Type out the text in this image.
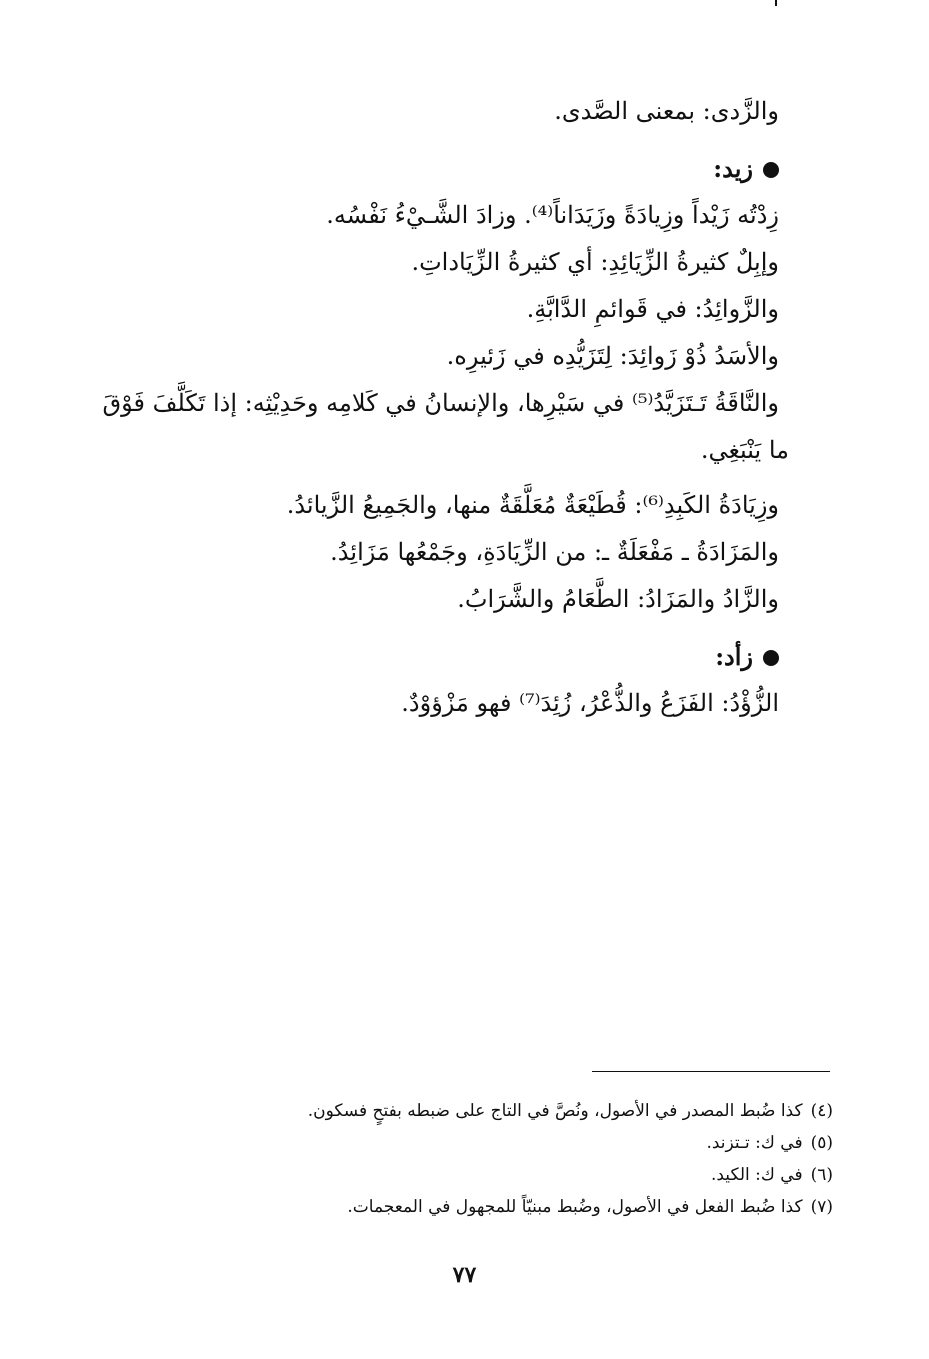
والزَّدى: بمعنى الصَّدى.
زيد:
زِدْتُه زَيْداً وزِيادَةً وزَيَدَاناً⁽⁴⁾. وزادَ الشَّـيْءُ نَفْسُه.
وإبِلٌ كثيرةُ الزِّيَائِدِ: أي كثيرةُ الزِّيَاداتِ.
والزَّوائِدُ: في قَوائمِ الدَّابَّةِ.
والأسَدُ ذُوْ زَوائِدَ: لِتَزَيُّدِه في زَئيرِه.
والنَّاقَةُ تَـتَزَيَّدُ⁽⁵⁾ في سَيْرِها، والإنسانُ في كَلامِه وحَدِيْثِه: إذا تَكَلَّفَ فَوْقَ
ما يَنْبَغِي.
وزِيَادَةُ الكَبِدِ⁽⁶⁾: قُطَيْعَةٌ مُعَلَّقَةٌ منها، والجَمِيعُ الزَّيائدُ.
والمَزَادَةُ ـ مَفْعَلَةٌ ـ: من الزِّيَادَةِ، وجَمْعُها مَزَائِدُ.
والزَّادُ والمَزَادُ: الطَّعَامُ والشَّرَابُ.
زأد:
الزُّؤْدُ: الفَزَعُ والذُّعْرُ، زُئِدَ⁽⁷⁾ فهو مَزْؤوْدٌ.
(٤)كذا ضُبط المصدر في الأصول، ونُصَّ في التاج على ضبطه بفتحٍ فسكون.
(٥)في ك: تـتزند.
(٦)في ك: الكيد.
(٧)كذا ضُبط الفعل في الأصول، وضُبط مبنيّاً للمجهول في المعجمات.
٧٧
